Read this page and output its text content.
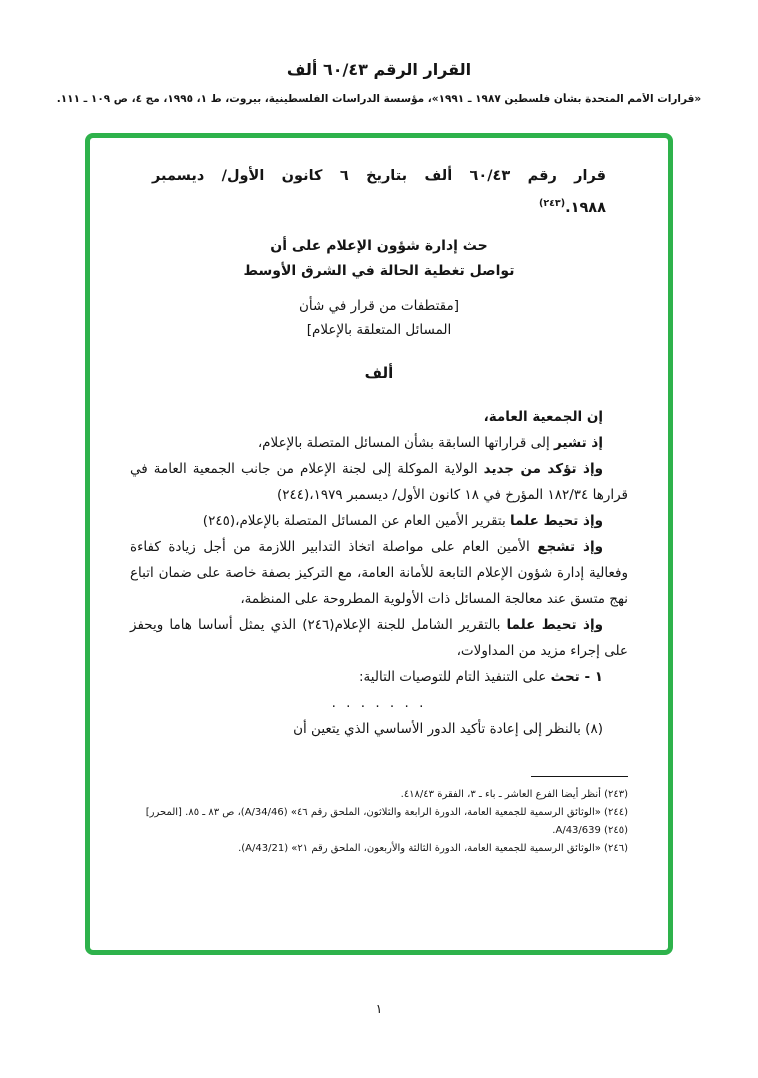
القرار الرقم ٦٠/٤٣ ألف
«قرارات الأمم المتحدة بشأن فلسطين ١٩٨٧ ـ ١٩٩١»، مؤسسة الدراسات الفلسطينية، بيروت، ط ١، ١٩٩٥، مج ٤، ص ١٠٩ ـ ١١١.
قرار رقم ٦٠/٤٣ ألف بتاريخ ٦ كانون الأول/ ديسمبر
١٩٨٨.$^{(٢٤٣)}$
حث إدارة شؤون الإعلام على أن
تواصل تغطية الحالة في الشرق الأوسط
[مقتطفات من قرار في شأن
المسائل المتعلقة بالإعلام]
ألف

إن الجمعية العامة،

إذ تشير إلى قراراتها السابقة بشأن المسائل المتصلة بالإعلام،

وإذ تؤكد من جديد الولاية الموكلة إلى لجنة الإعلام من جانب الجمعية العامة في قرارها ١٨٢/٣٤ المؤرخ في ١٨ كانون الأول/ ديسمبر ١٩٧٩،(٢٤٤)

وإذ تحيط علما بتقرير الأمين العام عن المسائل المتصلة بالإعلام،(٢٤٥)

وإذ تشجع الأمين العام على مواصلة اتخاذ التدابير اللازمة من أجل زيادة كفاءة وفعالية إدارة شؤون الإعلام التابعة للأمانة العامة، مع التركيز بصفة خاصة على ضمان اتباع نهج متسق عند معالجة المسائل ذات الأولوية المطروحة على المنظمة،

وإذ تحيط علما بالتقرير الشامل للجنة الإعلام(٢٤٦) الذي يمثل أساسا هاما ويحفز على إجراء مزيد من المداولات،

١ - تحث على التنفيذ التام للتوصيات التالية:

. . . . . . .

(٨) بالنظر إلى إعادة تأكيد الدور الأساسي الذي يتعين أن

(٢٤٣) أنظر أيضا الفرع العاشر ـ باء ـ ٣، الفقرة ٤١٨/٤٣.

(٢٤٤) «الوثائق الرسمية للجمعية العامة، الدورة الرابعة والثلاثون، الملحق رقم ٤٦» (A/34/46)، ص ٨٣ ـ ٨٥. [المحرر]

(٢٤٥) A/43/639.

(٢٤٦) «الوثائق الرسمية للجمعية العامة، الدورة الثالثة والأربعون، الملحق رقم ٢١» (A/43/21).

١
